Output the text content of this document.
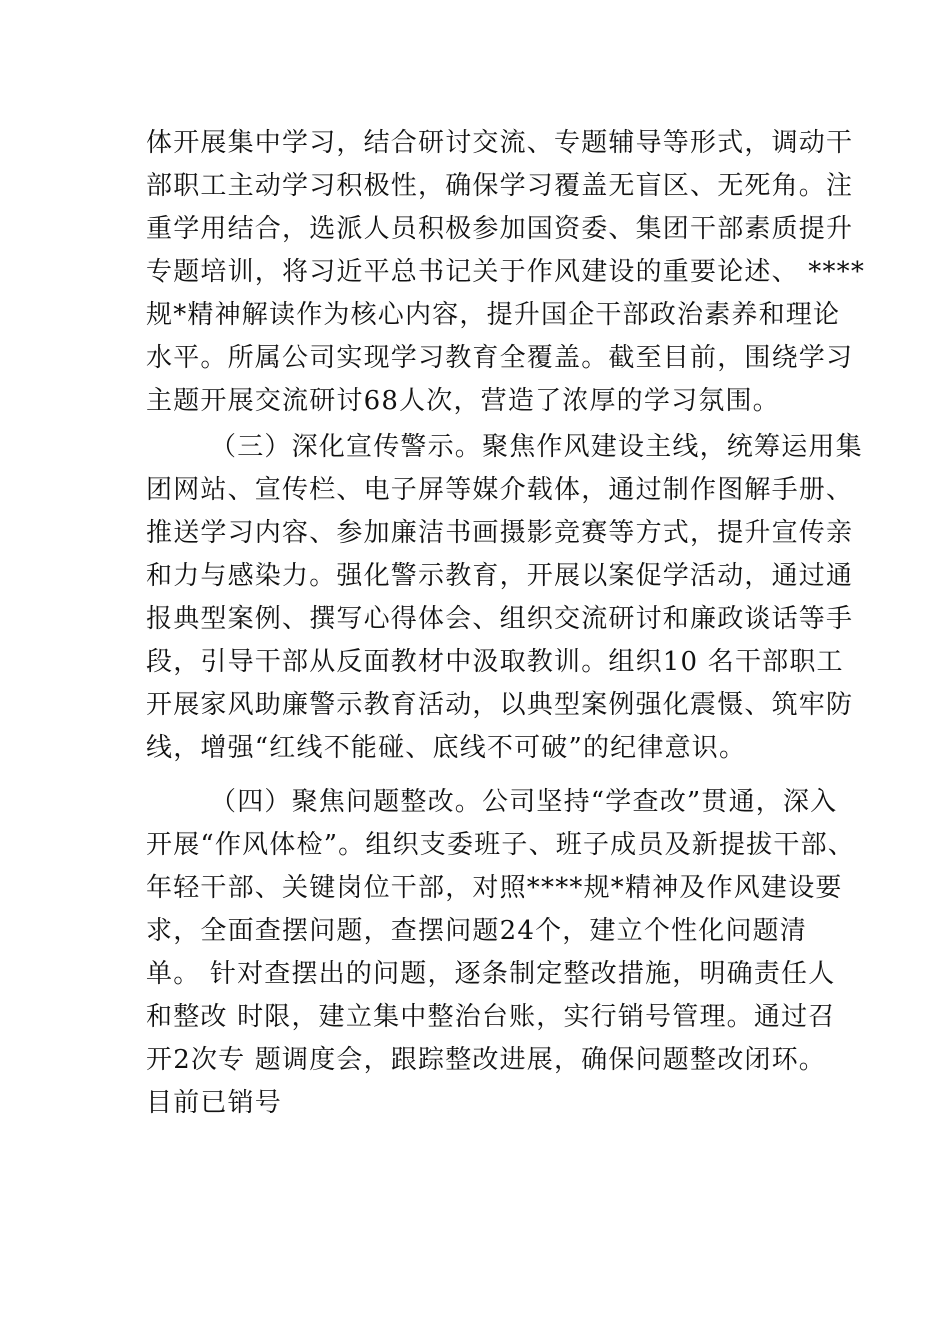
体开展集中学习，结合研讨交流、专题辅导等形式，调动干

部职工主动学习积极性，确保学习覆盖无盲区、无死角。注

重学用结合，选派人员积极参加国资委、集团干部素质提升

专题培训，将习近平总书记关于作风建设的重要论述、 ****

规*精神解读作为核心内容，提升国企干部政治素养和理论

水平。所属公司实现学习教育全覆盖。截至目前，围绕学习

主题开展交流研讨68人次，营造了浓厚的学习氛围。

（三）深化宣传警示。聚焦作风建设主线，统筹运用集

团网站、宣传栏、电子屏等媒介载体，通过制作图解手册、

推送学习内容、参加廉洁书画摄影竞赛等方式，提升宣传亲

和力与感染力。强化警示教育，开展以案促学活动，通过通

报典型案例、撰写心得体会、组织交流研讨和廉政谈话等手

段，引导干部从反面教材中汲取教训。组织10 名干部职工

开展家风助廉警示教育活动，以典型案例强化震慑、筑牢防

线，增强“红线不能碰、底线不可破”的纪律意识。

（四）聚焦问题整改。公司坚持“学查改”贯通，深入

开展“作风体检”。组织支委班子、班子成员及新提拔干部、

年轻干部、关键岗位干部，对照****规*精神及作风建设要

求，全面查摆问题，查摆问题24个，建立个性化问题清

单。 针对查摆出的问题，逐条制定整改措施，明确责任人

和整改 时限，建立集中整治台账，实行销号管理。通过召

开2次专 题调度会，跟踪整改进展，确保问题整改闭环。

目前已销号
